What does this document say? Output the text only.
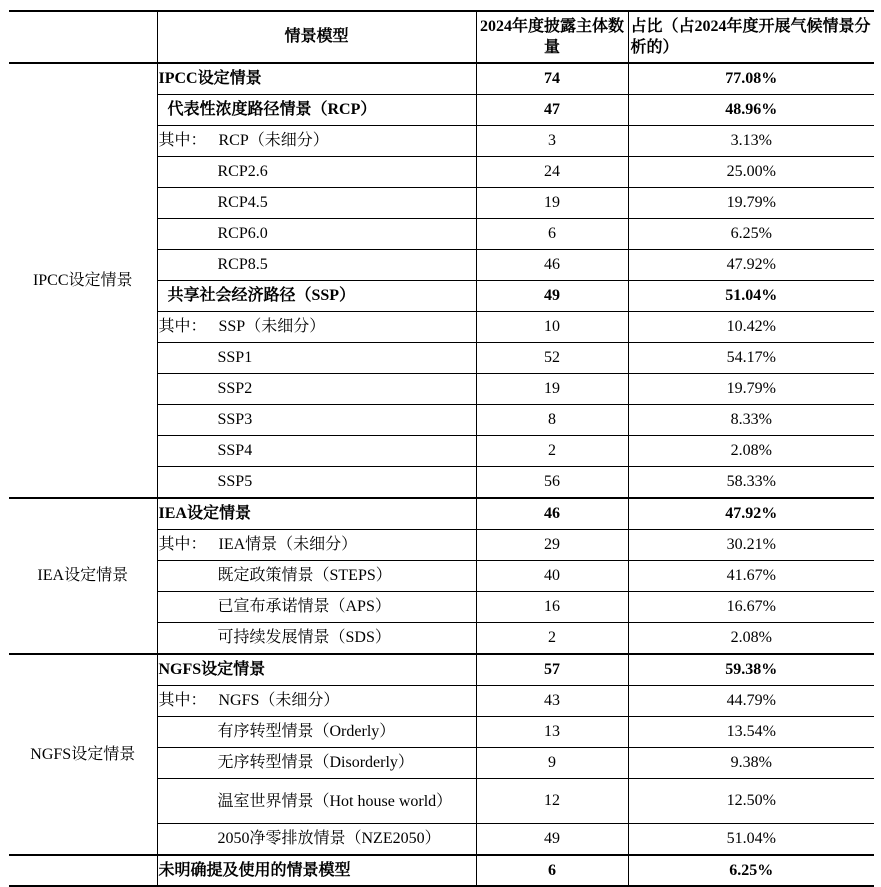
	情景模型	2024年度披露主体数量	占比（占2024年度开展气候情景分析的）
IPCC设定情景	IPCC设定情景	74	77.08%
	代表性浓度路径情景（RCP）	47	48.96%
	其中： RCP（未细分）	3	3.13%
	RCP2.6	24	25.00%
	RCP4.5	19	19.79%
	RCP6.0	6	6.25%
	RCP8.5	46	47.92%
	共享社会经济路径（SSP）	49	51.04%
	其中： SSP（未细分）	10	10.42%
	SSP1	52	54.17%
	SSP2	19	19.79%
	SSP3	8	8.33%
	SSP4	2	2.08%
	SSP5	56	58.33%
IEA设定情景	IEA设定情景	46	47.92%
	其中： IEA情景（未细分）	29	30.21%
	既定政策情景（STEPS）	40	41.67%
	已宣布承诺情景（APS）	16	16.67%
	可持续发展情景（SDS）	2	2.08%
NGFS设定情景	NGFS设定情景	57	59.38%
	其中： NGFS（未细分）	43	44.79%
	有序转型情景（Orderly）	13	13.54%
	无序转型情景（Disorderly）	9	9.38%
	温室世界情景（Hot house world）	12	12.50%
	2050净零排放情景（NZE2050）	49	51.04%
	未明确提及使用的情景模型	6	6.25%
